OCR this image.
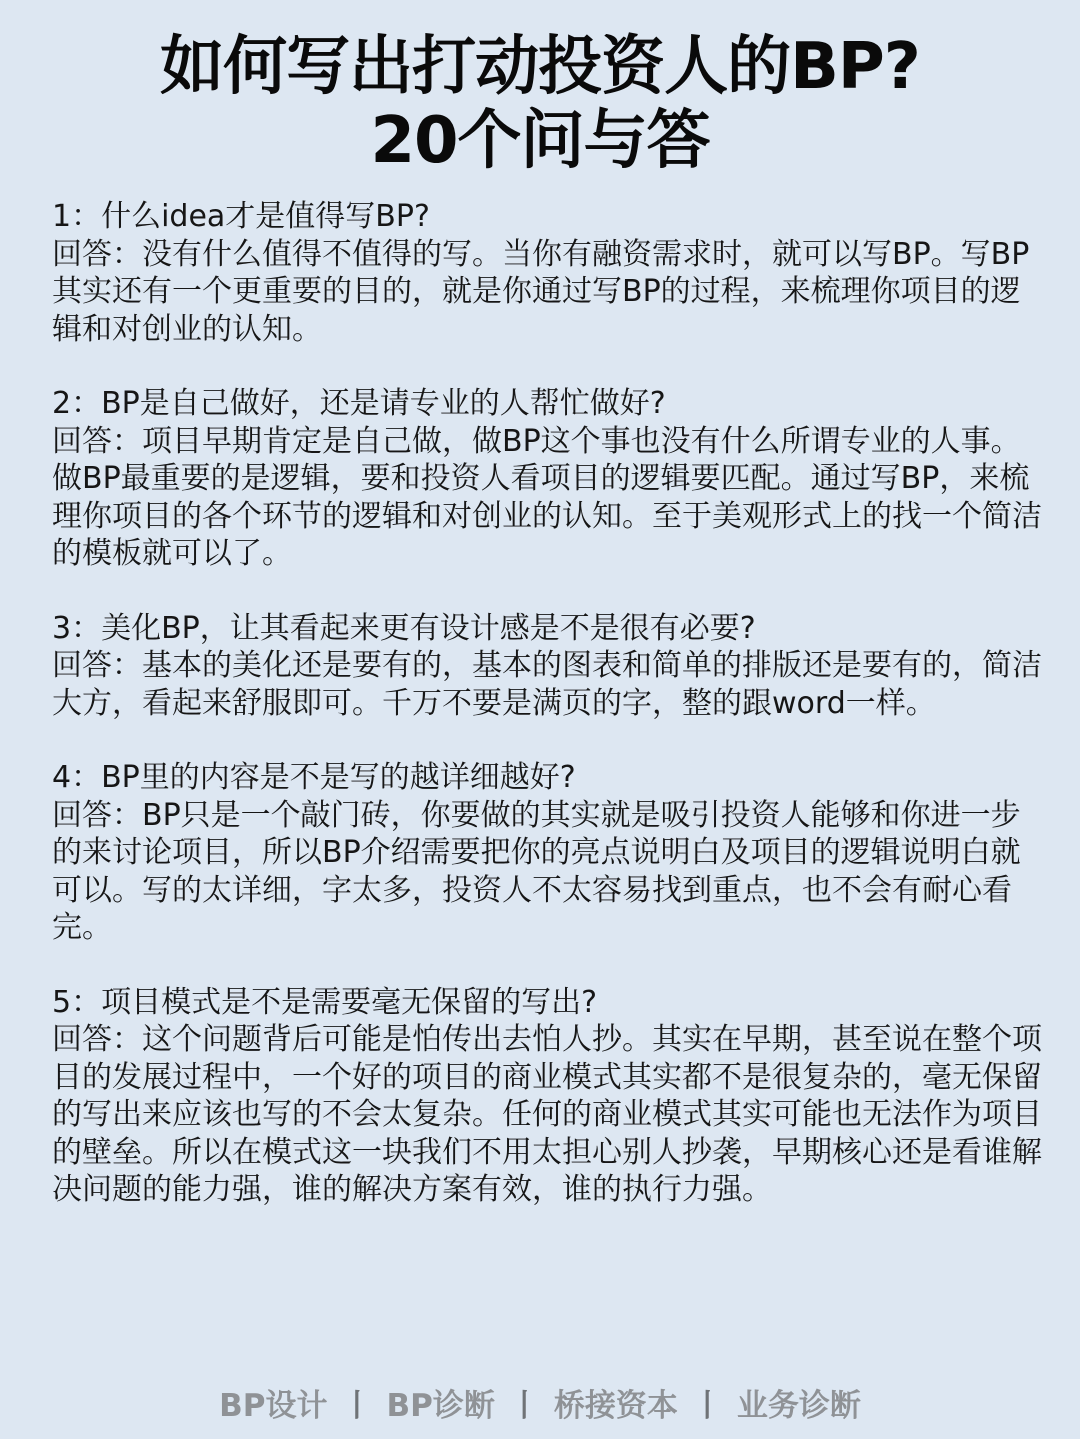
如何写出打动投资人的BP?
20个问与答
1：什么idea才是值得写BP?
回答：没有什么值得不值得的写。当你有融资需求时，就可以写BP。写BP其实还有一个更重要的目的，就是你通过写BP的过程，来梳理你项目的逻辑和对创业的认知。
2：BP是自己做好，还是请专业的人帮忙做好?
回答：项目早期肯定是自己做，做BP这个事也没有什么所谓专业的人事。做BP最重要的是逻辑，要和投资人看项目的逻辑要匹配。通过写BP，来梳理你项目的各个环节的逻辑和对创业的认知。至于美观形式上的找一个简洁的模板就可以了。
3：美化BP，让其看起来更有设计感是不是很有必要?
回答：基本的美化还是要有的，基本的图表和简单的排版还是要有的，简洁大方，看起来舒服即可。千万不要是满页的字，整的跟word一样。
4：BP里的内容是不是写的越详细越好?
回答：BP只是一个敲门砖，你要做的其实就是吸引投资人能够和你进一步的来讨论项目，所以BP介绍需要把你的亮点说明白及项目的逻辑说明白就可以。写的太详细，字太多，投资人不太容易找到重点，也不会有耐心看完。
5：项目模式是不是需要毫无保留的写出?
回答：这个问题背后可能是怕传出去怕人抄。其实在早期，甚至说在整个项目的发展过程中，一个好的项目的商业模式其实都不是很复杂的，毫无保留的写出来应该也写的不会太复杂。任何的商业模式其实可能也无法作为项目的壁垒。所以在模式这一块我们不用太担心别人抄袭，早期核心还是看谁解决问题的能力强，谁的解决方案有效，谁的执行力强。
BP设计 丨 BP诊断 丨 桥接资本 丨 业务诊断
